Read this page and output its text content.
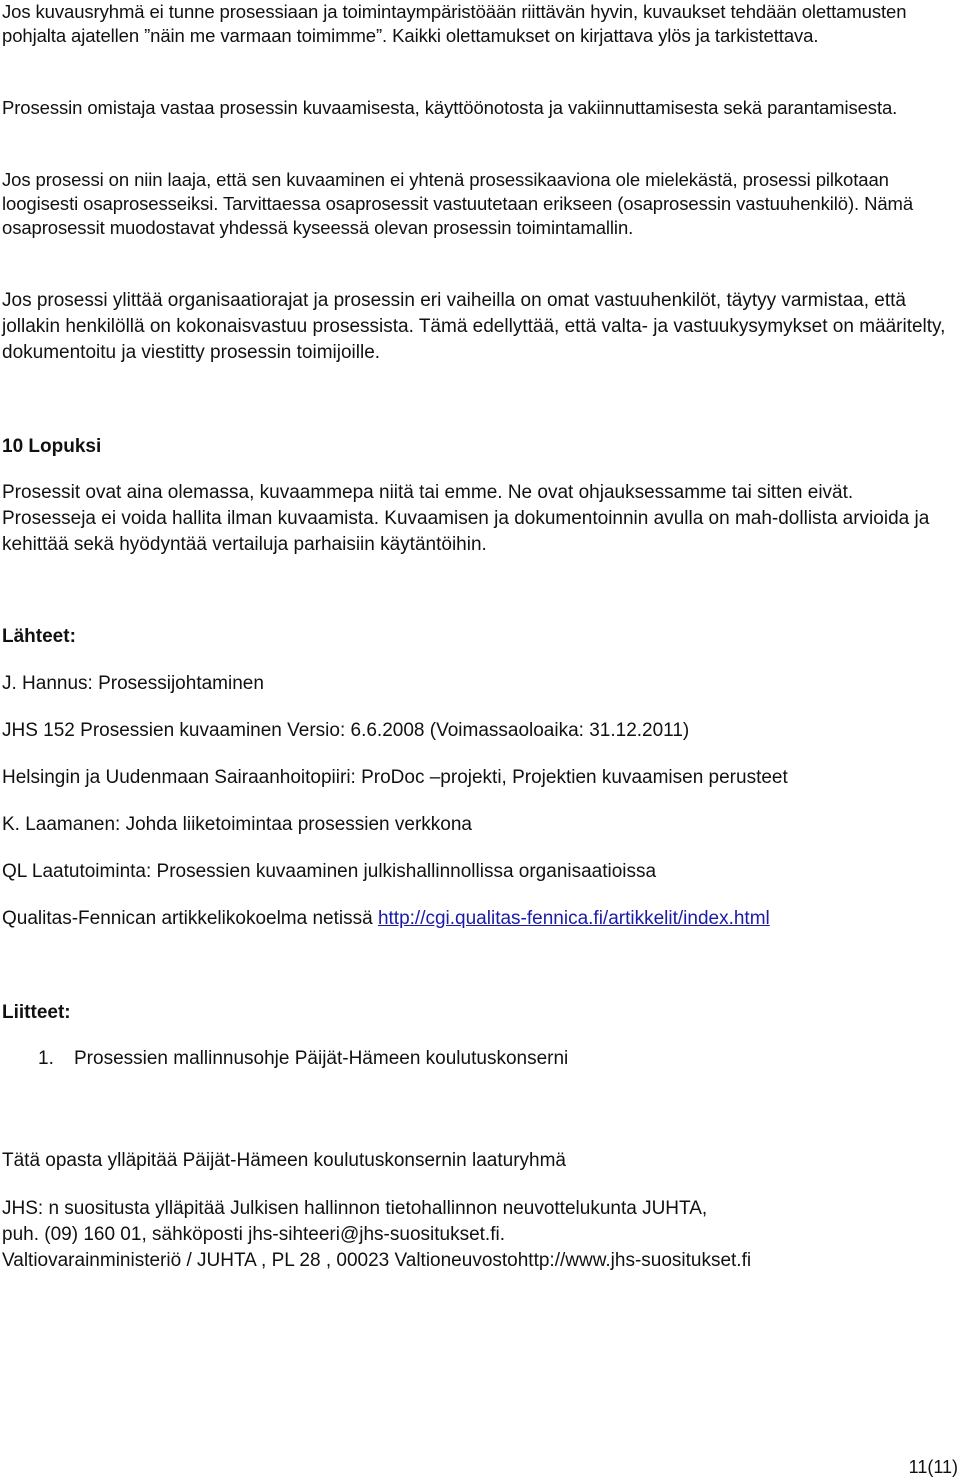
Jos kuvausryhmä ei tunne prosessiaan ja toimintaympäristöään riittävän hyvin, kuvaukset tehdään olettamusten pohjalta ajatellen ”näin me varmaan toimimme”. Kaikki olettamukset on kirjattava ylös ja tarkistettava.

Prosessin omistaja vastaa prosessin kuvaamisesta, käyttöönotosta ja vakiinnuttamisesta sekä parantamisesta.

Jos prosessi on niin laaja, että sen kuvaaminen ei yhtenä prosessikaaviona ole mielekästä, prosessi pilkotaan loogisesti osaprosesseiksi. Tarvittaessa osaprosessit vastuutetaan erikseen (osaprosessin vastuuhenkilö). Nämä osaprosessit muodostavat yhdessä kyseessä olevan prosessin toimintamallin.

Jos prosessi ylittää organisaatiorajat ja prosessin eri vaiheilla on omat vastuuhenkilöt, täytyy varmistaa, että jollakin henkilöllä on kokonaisvastuu prosessista. Tämä edellyttää, että valta- ja vastuukysymykset on määritelty, dokumentoitu ja viestitty prosessin toimijoille.

10 Lopuksi

Prosessit ovat aina olemassa, kuvaammepa niitä tai emme. Ne ovat ohjauksessamme tai sitten eivät. Prosesseja ei voida hallita ilman kuvaamista. Kuvaamisen ja dokumentoinnin avulla on mah-dollista arvioida ja kehittää sekä hyödyntää vertailuja parhaisiin käytäntöihin.

Lähteet:

J. Hannus: Prosessijohtaminen

JHS 152 Prosessien kuvaaminen Versio: 6.6.2008 (Voimassaoloaika: 31.12.2011)

Helsingin ja Uudenmaan Sairaanhoitopiiri: ProDoc –projekti, Projektien kuvaamisen perusteet

K. Laamanen: Johda liiketoimintaa prosessien verkkona

QL Laatutoiminta: Prosessien kuvaaminen julkishallinnollissa organisaatioissa

Qualitas-Fennican artikkelikokoelma netissä http://cgi.qualitas-fennica.fi/artikkelit/index.html

Liitteet:

1. Prosessien mallinnusohje Päijät-Hämeen koulutuskonserni

Tätä opasta ylläpitää Päijät-Hämeen koulutuskonsernin laaturyhmä

JHS: n suositusta ylläpitää Julkisen hallinnon tietohallinnon neuvottelukunta JUHTA,

puh. (09) 160 01, sähköposti jhs-sihteeri@jhs-suositukset.fi.

Valtiovarainministeriö / JUHTA , PL 28 , 00023 Valtioneuvostohttp://www.jhs-suositukset.fi

11(11)
